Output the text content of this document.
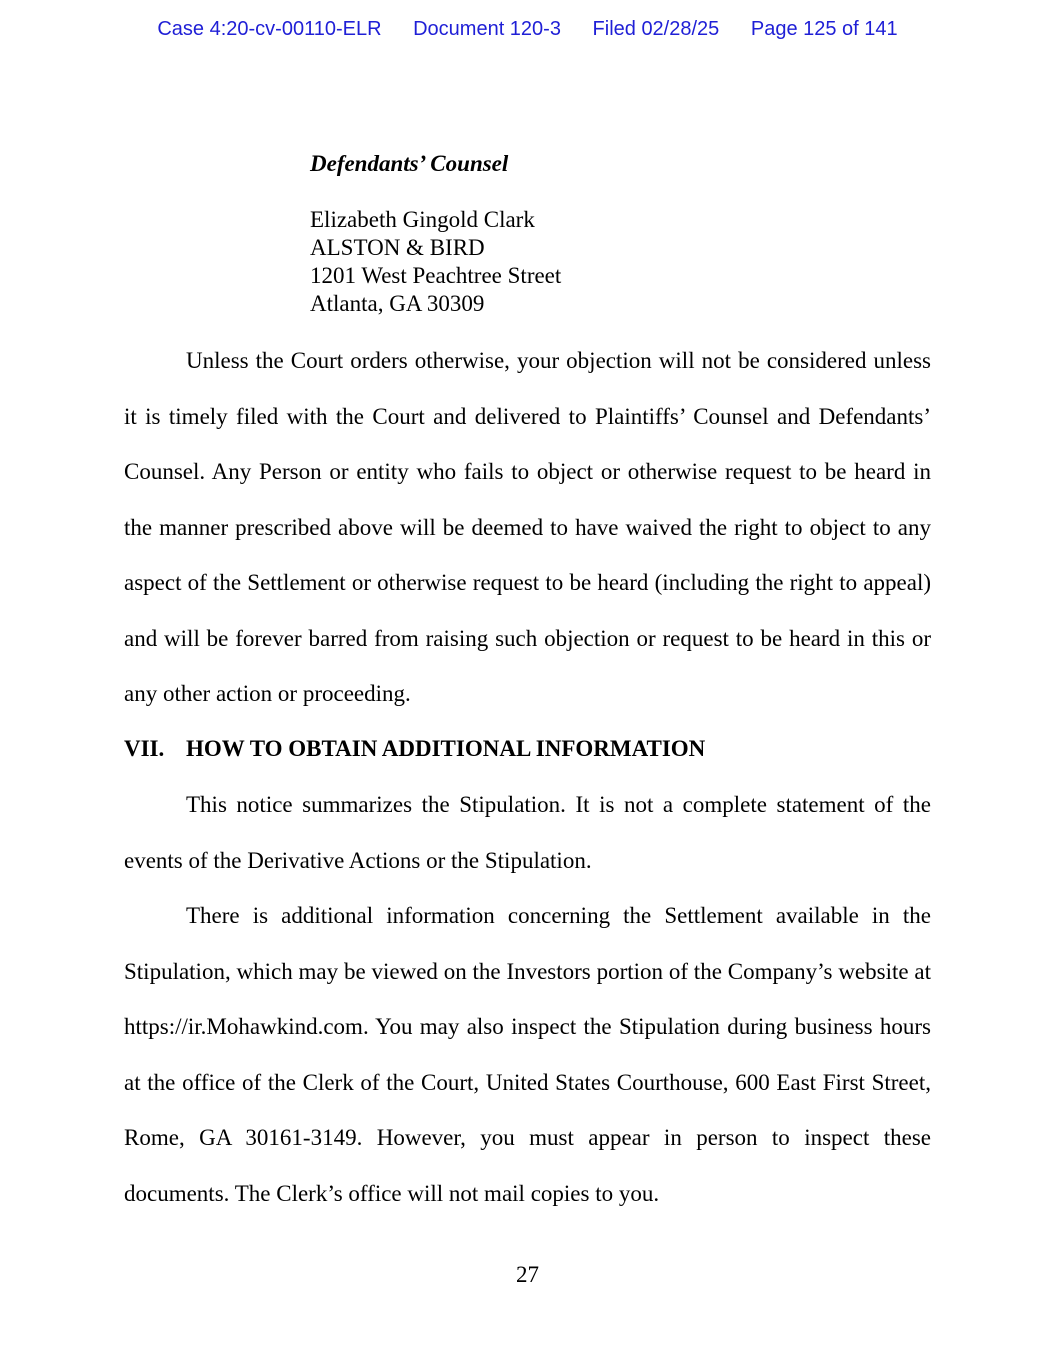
Case 4:20-cv-00110-ELR Document 120-3 Filed 02/28/25 Page 125 of 141
Defendants’ Counsel
Elizabeth Gingold Clark
ALSTON & BIRD
1201 West Peachtree Street
Atlanta, GA 30309

Unless the Court orders otherwise, your objection will not be considered unless it is timely filed with the Court and delivered to Plaintiffs’ Counsel and Defendants’ Counsel. Any Person or entity who fails to object or otherwise request to be heard in the manner prescribed above will be deemed to have waived the right to object to any aspect of the Settlement or otherwise request to be heard (including the right to appeal) and will be forever barred from raising such objection or request to be heard in this or any other action or proceeding.

VII. HOW TO OBTAIN ADDITIONAL INFORMATION

This notice summarizes the Stipulation. It is not a complete statement of the events of the Derivative Actions or the Stipulation.

There is additional information concerning the Settlement available in the Stipulation, which may be viewed on the Investors portion of the Company’s website at https://ir.Mohawkind.com. You may also inspect the Stipulation during business hours at the office of the Clerk of the Court, United States Courthouse, 600 East First Street, Rome, GA 30161-3149. However, you must appear in person to inspect these documents. The Clerk’s office will not mail copies to you.

27
